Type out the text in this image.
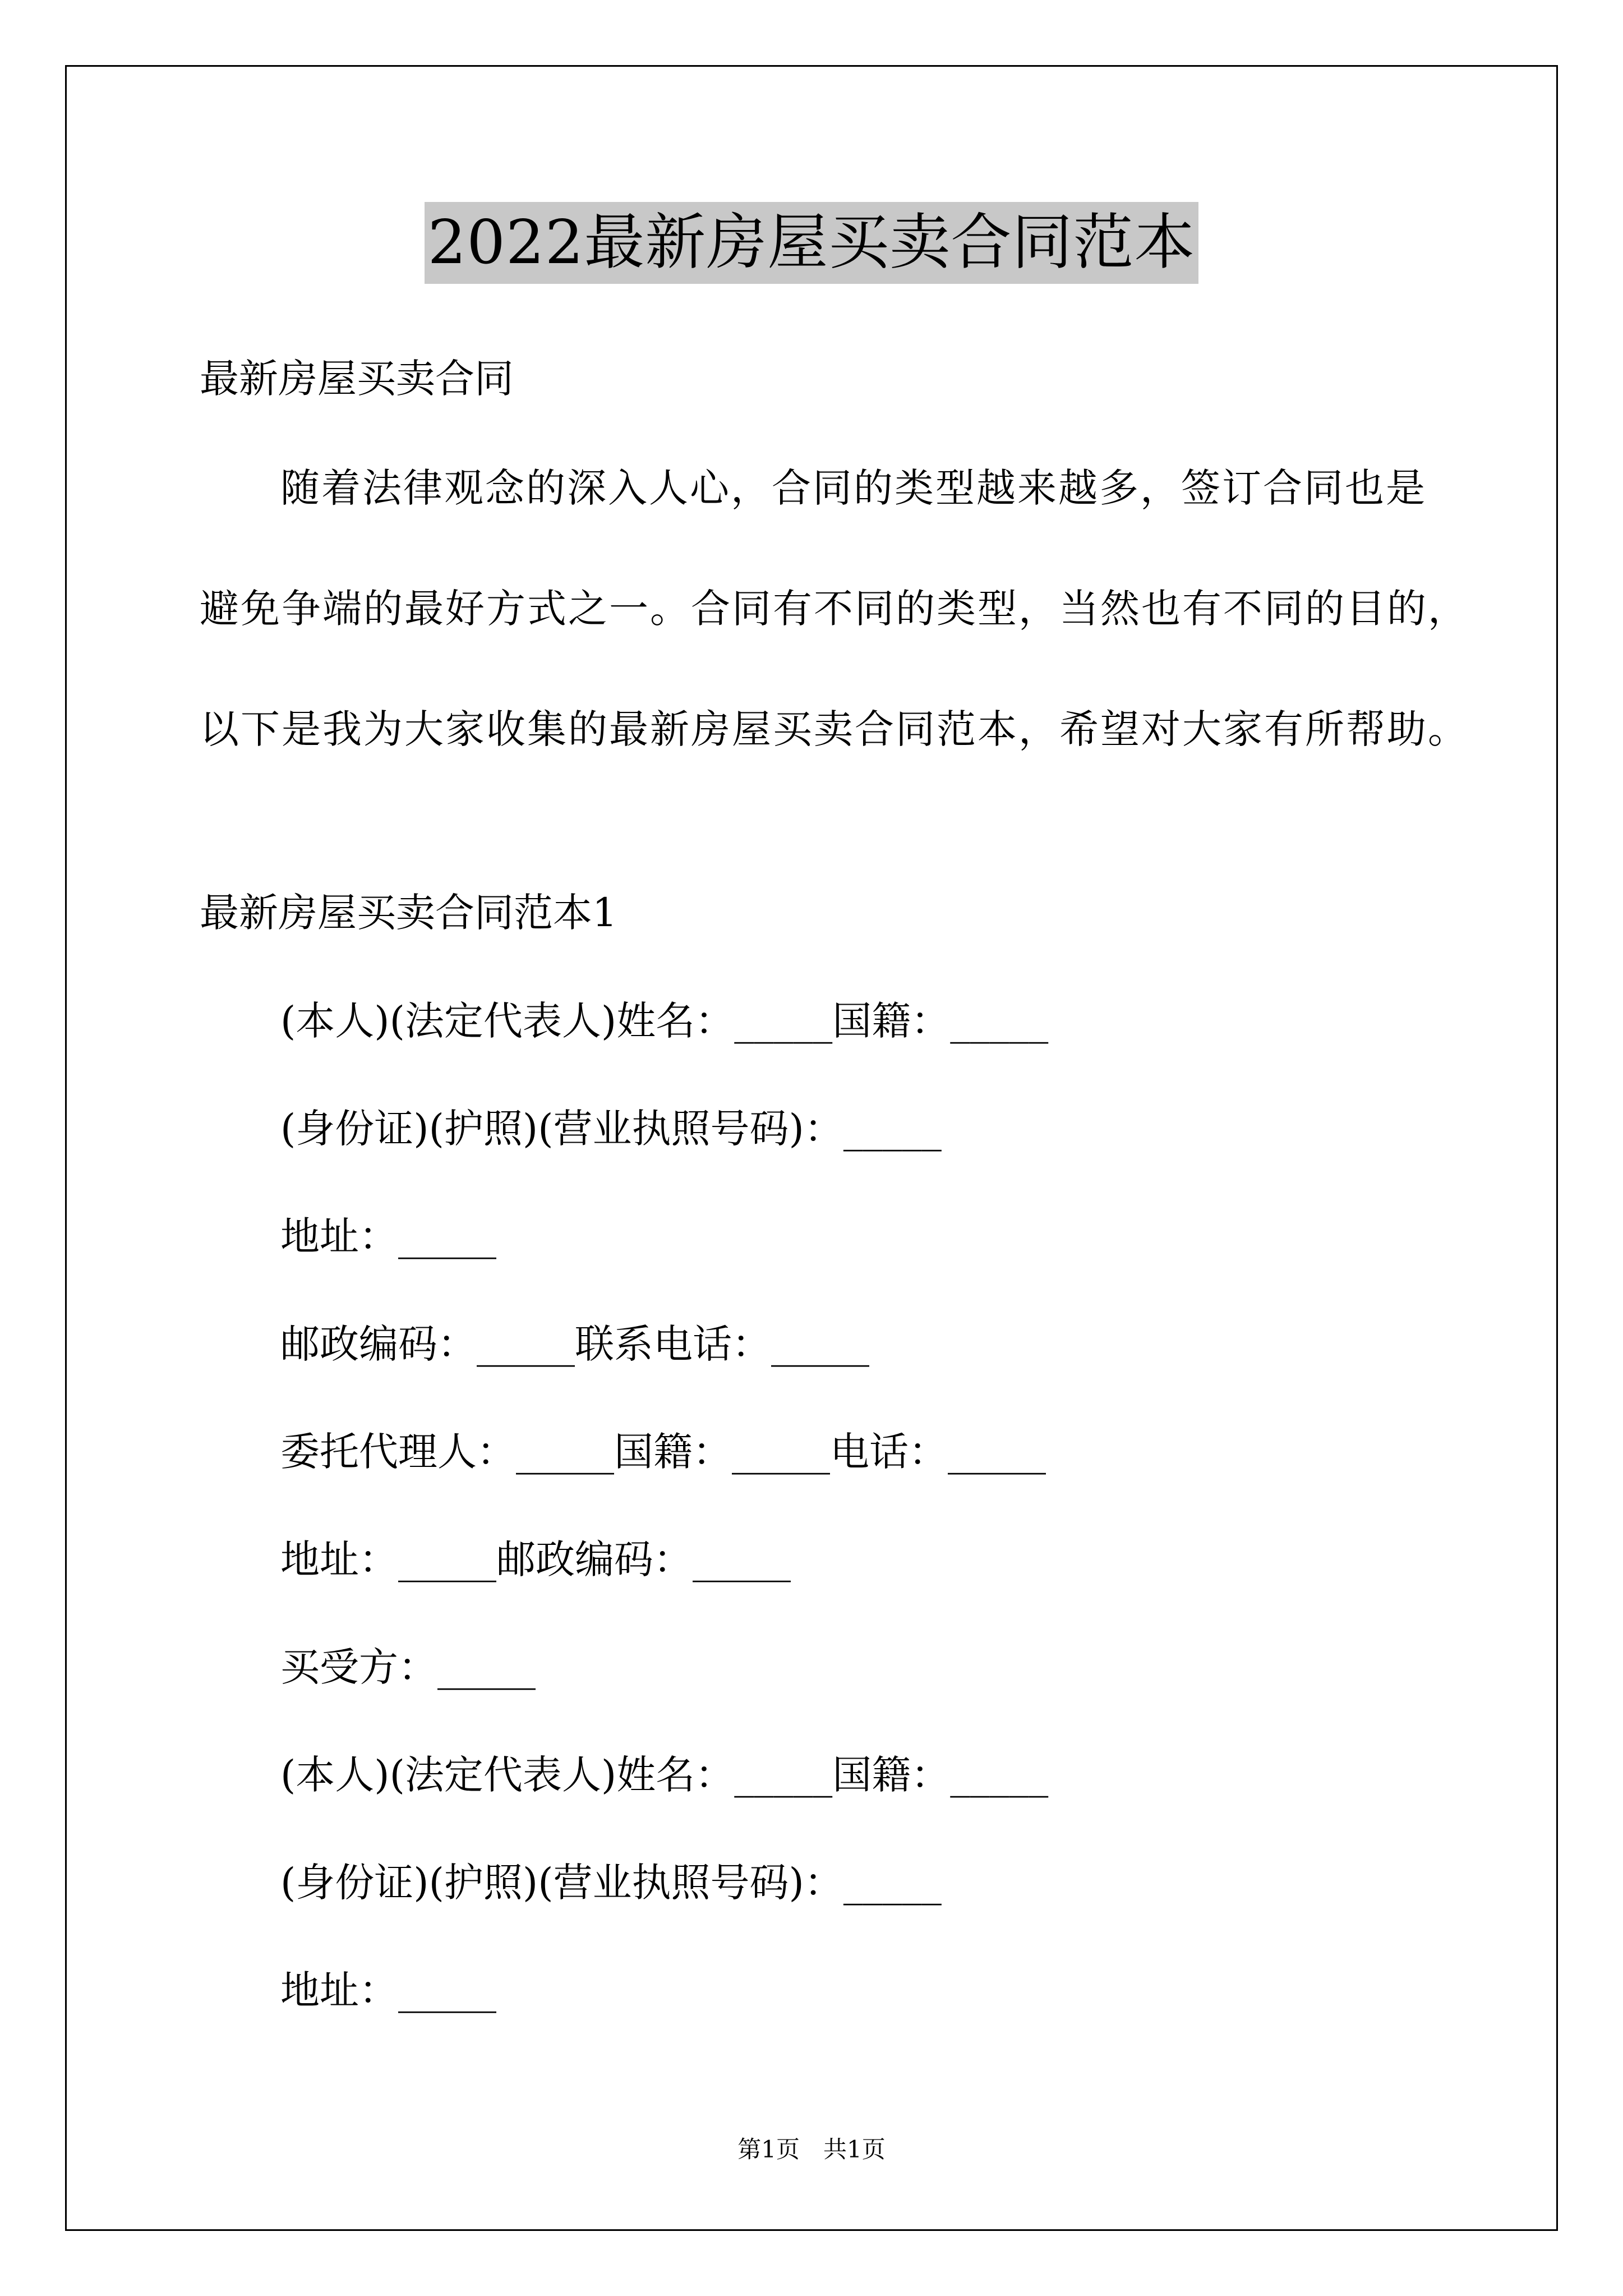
2022最新房屋买卖合同范本
最新房屋买卖合同
随着法律观念的深入人心，合同的类型越来越多，签订合同也是
避免争端的最好方式之一。合同有不同的类型，当然也有不同的目的，
以下是我为大家收集的最新房屋买卖合同范本，希望对大家有所帮助。
最新房屋买卖合同范本1
(本人)(法定代表人)姓名：_____国籍：_____
(身份证)(护照)(营业执照号码)：_____
地址：_____
邮政编码：_____联系电话：_____
委托代理人：_____国籍：_____电话：_____
地址：_____邮政编码：_____
买受方：_____
(本人)(法定代表人)姓名：_____国籍：_____
(身份证)(护照)(营业执照号码)：_____
地址：_____
第1页　共1页
